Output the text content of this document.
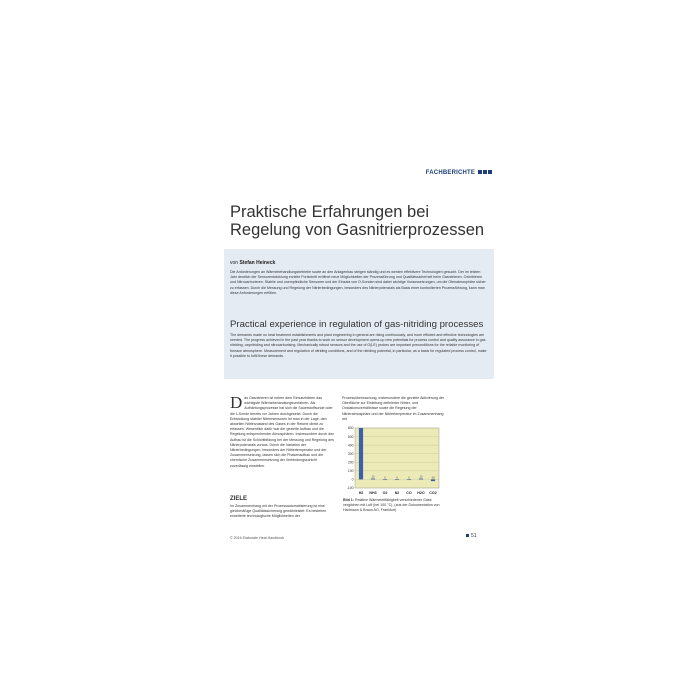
FACHBERICHTE
Praktische Erfahrungen bei
Regelung von Gasnitrierprozessen
von Stefan Heineck
Die Anforderungen an Wärmebehandlungsbetriebe sowie an den Anlagenbau steigen ständig und es werden effektivere Technologien gesucht. Der im letzten Jahr deutlich der Sensorentwicklung erzielte Fortschritt eröffnet neue Möglichkeiten der Prozessführung und Qualitätssicherheit beim Gasnitrieren, Oxinitrieren und Nitrocarburieren. Stabile und unempfindliche Sensoren und der Einsatz von O-Sonden sind dabei wichtige Voraussetzungen, um die Ofenatmosphäre sicher zu erfassen. Durch die Messung und Regelung der Nitrierbedingungen, besonders des Nitrierpotenzials als Basis einer kontrollierten Prozessführung, kann man diese Anforderungen erfüllen.
Practical experience in regulation of gas-nitriding processes
The demands made on heat treatment establishments and plant engineering in general are rising continuously, and more efficient and effective technologies are needed. The progress achieved in the past year thanks to work on sensor development opens up new potentials for process control and quality assurance in gas nitriding, oxynitriding and nitrocarburising. Mechanically robust sensors and the use of O(LE) probes are important preconditions for the reliable monitoring of furnace atmosphere. Measurement and regulation of nitriding conditions, and of the nitriding potential, in particular, as a basis for regulated process control, make it possible to fulfil these demands.
D as Gasnitrieren ist neben dem Einsatzhärten das wichtigste Wärmebehandlungsverfahren. Als Aufhärtungsprozesse hat sich die Sauerstoffsonde oder die λ-Sonde bereits vor Jahren durchgesetzt. Durch die Entwicklung stabiler Nitriersensoren ist man in der Lage, den aktuellen Nitrierzustand des Gases in der Retorte direkt zu erfassen. Wesentlich dafür war der gezielte Aufbau und die Regelung entsprechender Atmosphären. Insbesondere durch den Aufbau ist die Schichtbildung bei der Messung und Regelung des Nitrierpotenzials voraus. Durch die Variation der Nitrierbedingungen, besonders der Nitriertemperatur und der Zusammensetzung, lassen sich die Phasenaufbau und die chemische Zusammensetzung der Verbindungsschicht zuverlässig einstellen.
ZIELE
Im Zusammenhang mit der Prozessautomatisierung ist eine gleichmäßige Qualitätssicherung gewährleistet. Es bestehen erweiterte technologische Möglichkeiten der
Prozessüberwachung, insbesondere die gezielte Aktivierung der Oberfläche zur Einleitung definierter Nitrier- und Oxidationsverhältnisse sowie die Regelung der Nitrieratmosphäre und der Nitriertemperatur im Zusammenhang mit
600
500
400
300
200
100
0
-100
10	0	0	0	10	-20
H2 NH3 O2 N2 CO H2O CO2
Bild 1: Relative Wärmeleitfähigkeit verschiedener Gase verglichen mit Luft (bei 100 °C), (aus der Dokumentation von Hartmann & Braun AG, Frankfurt)
© 2016 Elaborate Heat Handbook	51
